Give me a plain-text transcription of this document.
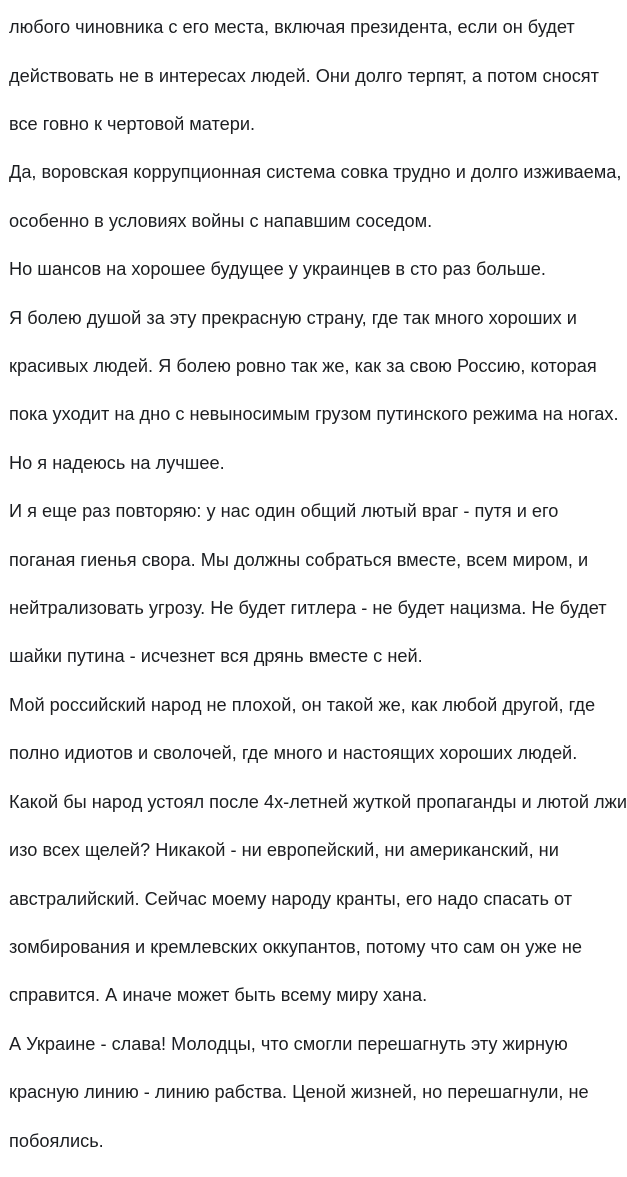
любого чиновника с его места, включая президента, если он будет

действовать не в интересах людей. Они долго терпят, а потом сносят

все говно к чертовой матери.

Да, воровская коррупционная система совка трудно и долго изживаема,

особенно в условиях войны с напавшим соседом.

Но шансов на хорошее будущее у украинцев в сто раз больше.

Я болею душой за эту прекрасную страну, где так много хороших и

красивых людей. Я болею ровно так же, как за свою Россию, которая

пока уходит на дно с невыносимым грузом путинского режима на ногах.

Но я надеюсь на лучшее.

И я еще раз повторяю: у нас один общий лютый враг - путя и его

поганая гиенья свора. Мы должны собраться вместе, всем миром, и

нейтрализовать угрозу. Не будет гитлера - не будет нацизма. Не будет

шайки путина - исчезнет вся дрянь вместе с ней.

Мой российский народ не плохой, он такой же, как любой другой, где

полно идиотов и сволочей, где много и настоящих хороших людей.

Какой бы народ устоял после 4х-летней жуткой пропаганды и лютой лжи

изо всех щелей? Никакой - ни европейский, ни американский, ни

австралийский. Сейчас моему народу кранты, его надо спасать от

зомбирования и кремлевских оккупантов, потому что сам он уже не

справится. А иначе может быть всему миру хана.

А Украине - слава! Молодцы, что смогли перешагнуть эту жирную

красную линию - линию рабства. Ценой жизней, но перешагнули, не

побоялись.
